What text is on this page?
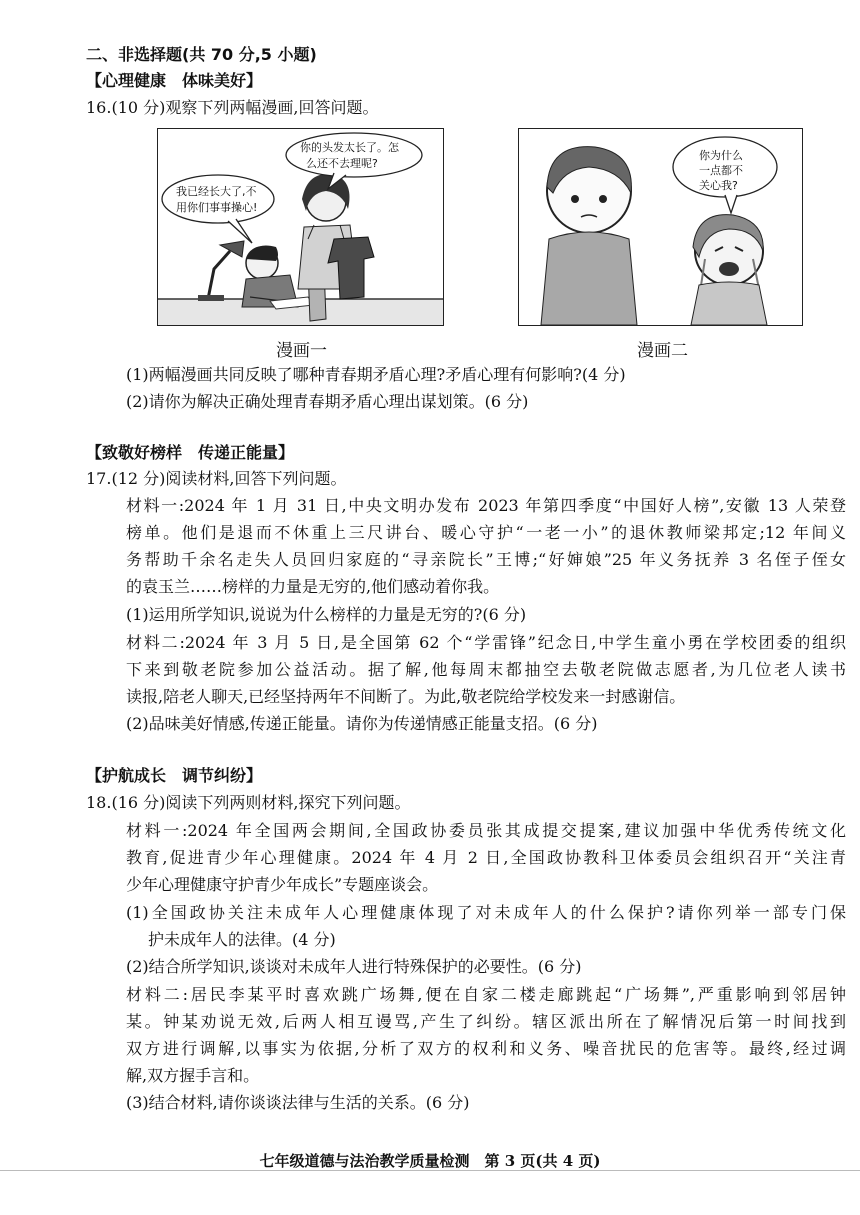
二、非选择题(共 70 分,5 小题)
【心理健康　体味美好】
16.(10 分)观察下列两幅漫画,回答问题。
我已经长大了,不
用你们事事操心!
你的头发太长了。怎
么还不去理呢?
你为什么
一点都不
关心我?
漫画一	漫画二
(1)两幅漫画共同反映了哪种青春期矛盾心理?矛盾心理有何影响?(4 分)
(2)请你为解决正确处理青春期矛盾心理出谋划策。(6 分)
【致敬好榜样　传递正能量】
17.(12 分)阅读材料,回答下列问题。
材料一:2024 年 1 月 31 日,中央文明办发布 2023 年第四季度“中国好人榜”,安徽 13 人荣登
榜单。他们是退而不休重上三尺讲台、暖心守护“一老一小”的退休教师梁邦定;12 年间义
务帮助千余名走失人员回归家庭的“寻亲院长”王博;“好婶娘”25 年义务抚养 3 名侄子侄女
的袁玉兰……榜样的力量是无穷的,他们感动着你我。
(1)运用所学知识,说说为什么榜样的力量是无穷的?(6 分)
材料二:2024 年 3 月 5 日,是全国第 62 个“学雷锋”纪念日,中学生童小勇在学校团委的组织
下来到敬老院参加公益活动。据了解,他每周末都抽空去敬老院做志愿者,为几位老人读书
读报,陪老人聊天,已经坚持两年不间断了。为此,敬老院给学校发来一封感谢信。
(2)品味美好情感,传递正能量。请你为传递情感正能量支招。(6 分)
【护航成长　调节纠纷】
18.(16 分)阅读下列两则材料,探究下列问题。
材料一:2024 年全国两会期间,全国政协委员张其成提交提案,建议加强中华优秀传统文化
教育,促进青少年心理健康。2024 年 4 月 2 日,全国政协教科卫体委员会组织召开“关注青
少年心理健康守护青少年成长”专题座谈会。
(1)全国政协关注未成年人心理健康体现了对未成年人的什么保护?请你列举一部专门保
护未成年人的法律。(4 分)
(2)结合所学知识,谈谈对未成年人进行特殊保护的必要性。(6 分)
材料二:居民李某平时喜欢跳广场舞,便在自家二楼走廊跳起“广场舞”,严重影响到邻居钟
某。钟某劝说无效,后两人相互谩骂,产生了纠纷。辖区派出所在了解情况后第一时间找到
双方进行调解,以事实为依据,分析了双方的权利和义务、噪音扰民的危害等。最终,经过调
解,双方握手言和。
(3)结合材料,请你谈谈法律与生活的关系。(6 分)
七年级道德与法治教学质量检测　第 3 页(共 4 页)
